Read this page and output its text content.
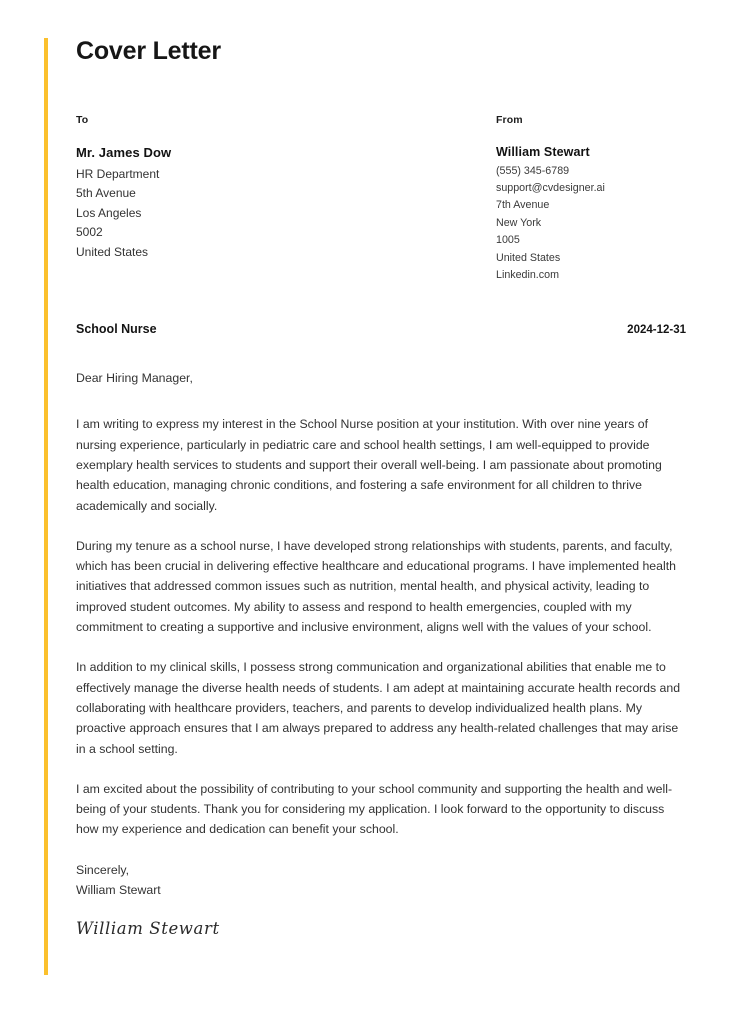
Cover Letter
To
Mr. James Dow
HR Department
5th Avenue
Los Angeles
5002
United States
From
William Stewart
(555) 345-6789
support@cvdesigner.ai
7th Avenue
New York
1005
United States
Linkedin.com
School Nurse	2024-12-31
Dear Hiring Manager,

I am writing to express my interest in the School Nurse position at your institution. With over nine years of nursing experience, particularly in pediatric care and school health settings, I am well-equipped to provide exemplary health services to students and support their overall well-being. I am passionate about promoting health education, managing chronic conditions, and fostering a safe environment for all children to thrive academically and socially.

During my tenure as a school nurse, I have developed strong relationships with students, parents, and faculty, which has been crucial in delivering effective healthcare and educational programs. I have implemented health initiatives that addressed common issues such as nutrition, mental health, and physical activity, leading to improved student outcomes. My ability to assess and respond to health emergencies, coupled with my commitment to creating a supportive and inclusive environment, aligns well with the values of your school.

In addition to my clinical skills, I possess strong communication and organizational abilities that enable me to effectively manage the diverse health needs of students. I am adept at maintaining accurate health records and collaborating with healthcare providers, teachers, and parents to develop individualized health plans. My proactive approach ensures that I am always prepared to address any health-related challenges that may arise in a school setting.

I am excited about the possibility of contributing to your school community and supporting the health and well-being of your students. Thank you for considering my application. I look forward to the opportunity to discuss how my experience and dedication can benefit your school.

Sincerely,
William Stewart
William Stewart
